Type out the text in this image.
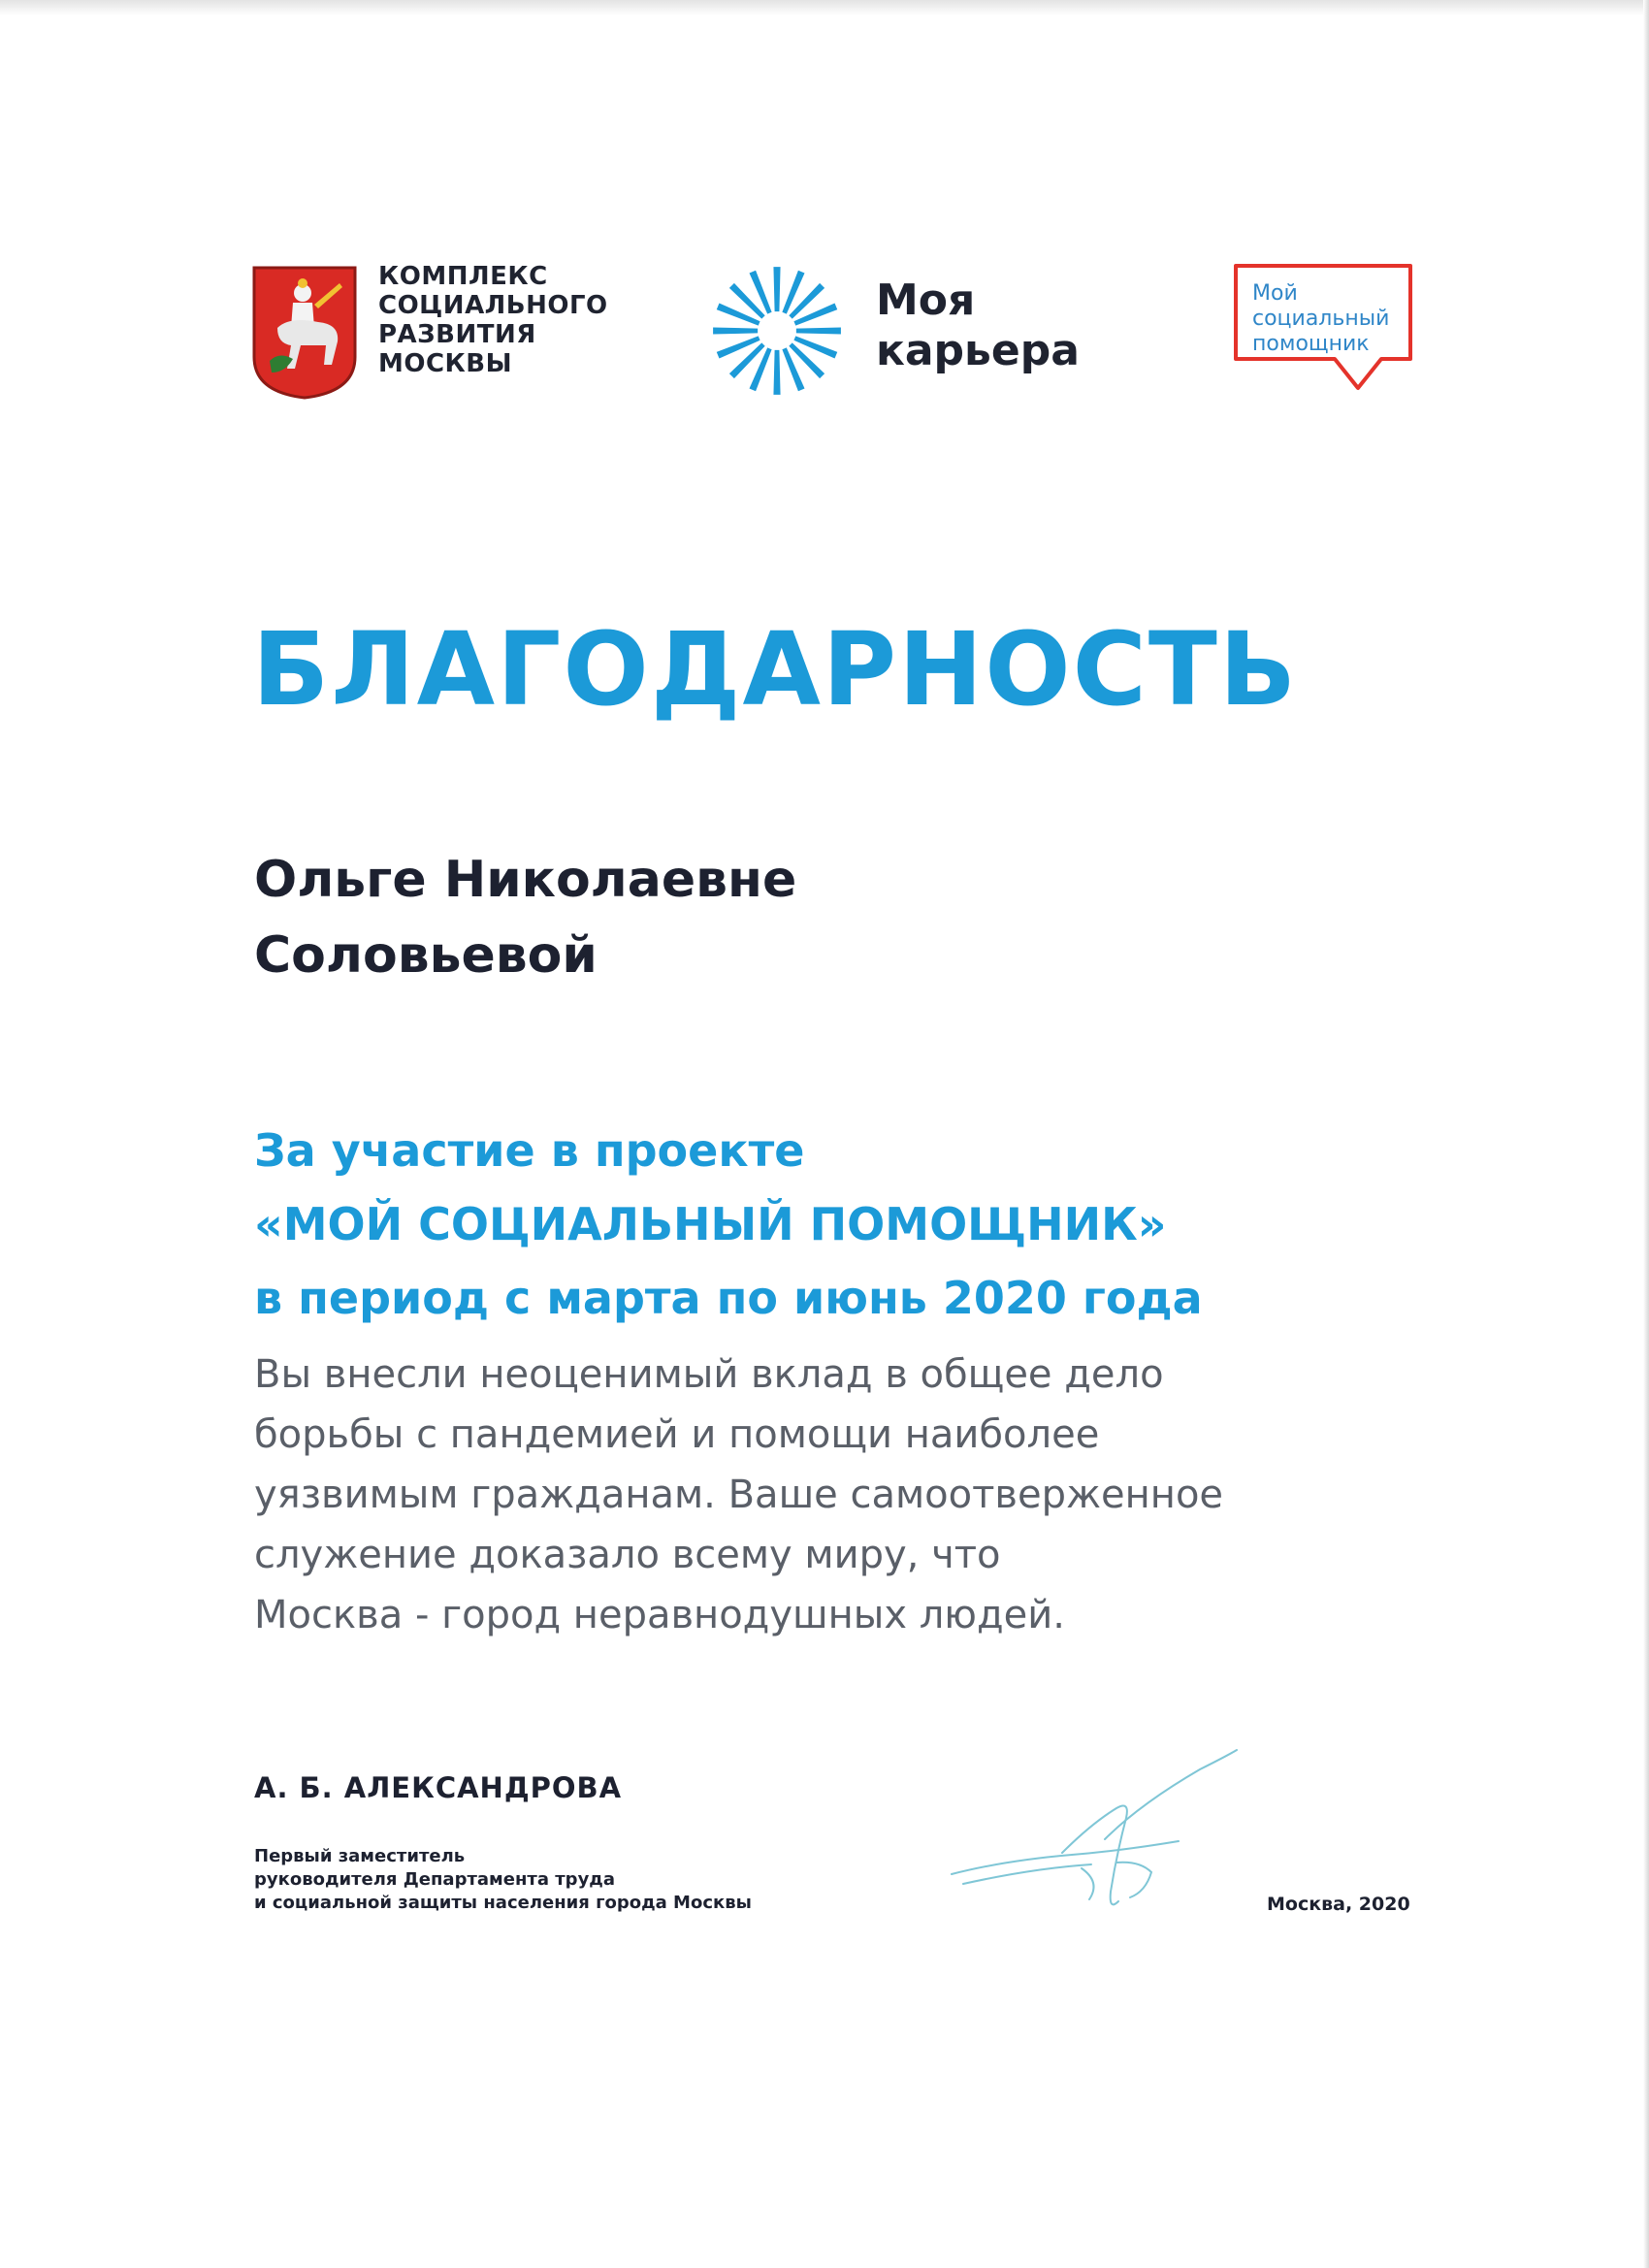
КОМПЛЕКС
СОЦИАЛЬНОГО
РАЗВИТИЯ
МОСКВЫ
Моя
карьера
Мой
социальный
помощник
БЛАГОДАРНОСТЬ
Ольге Николаевне
Соловьевой
За участие в проекте
«МОЙ СОЦИАЛЬНЫЙ ПОМОЩНИК»
в период с марта по июнь 2020 года
Вы внесли неоценимый вклад в общее дело
борьбы с пандемией и помощи наиболее
уязвимым гражданам. Ваше самоотверженное
служение доказало всему миру, что
Москва - город неравнодушных людей.
А. Б. АЛЕКСАНДРОВА
Первый заместитель
руководителя Департамента труда
и социальной защиты населения города Москвы	Москва, 2020
